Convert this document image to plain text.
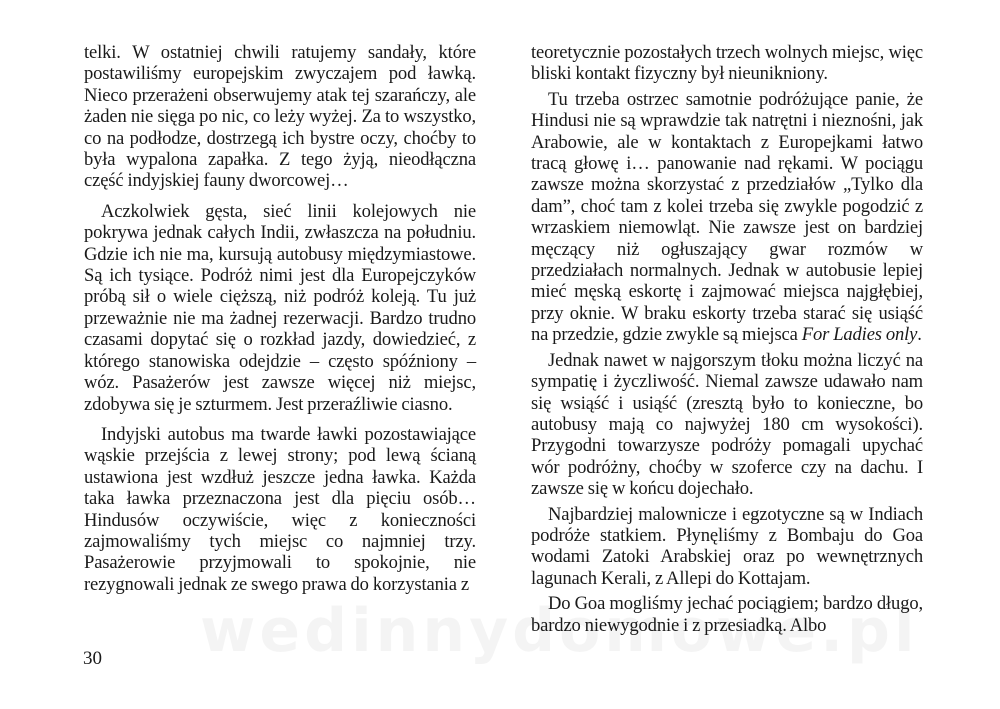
telki. W ostatniej chwili ratujemy sandały, które postawiliśmy europejskim zwyczajem pod ławką. Nieco przerażeni obserwujemy atak tej szarańczy, ale żaden nie sięga po nic, co leży wyżej. Za to wszystko, co na podłodze, dostrzegą ich bystre oczy, choćby to była wypalona zapałka. Z tego żyją, nieodłączna część indyjskiej fauny dworcowej…

Aczkolwiek gęsta, sieć linii kolejowych nie pokrywa jednak całych Indii, zwłaszcza na południu. Gdzie ich nie ma, kursują autobusy międzymiastowe. Są ich tysiące. Podróż nimi jest dla Europejczyków próbą sił o wiele cięższą, niż podróż koleją. Tu już przeważnie nie ma żadnej rezerwacji. Bardzo trudno czasami dopytać się o rozkład jazdy, dowiedzieć, z którego stanowiska odejdzie – często spóźniony – wóz. Pasażerów jest zawsze więcej niż miejsc, zdobywa się je szturmem. Jest przeraźliwie ciasno.

Indyjski autobus ma twarde ławki pozostawiające wąskie przejścia z lewej strony; pod lewą ścianą ustawiona jest wzdłuż jeszcze jedna ławka. Każda taka ławka przeznaczona jest dla pięciu osób… Hindusów oczywiście, więc z konieczności zajmowaliśmy tych miejsc co najmniej trzy. Pasażerowie przyjmowali to spokojnie, nie rezygnowali jednak ze swego prawa do korzystania z

teoretycznie pozostałych trzech wolnych miejsc, więc bliski kontakt fizyczny był nieunikniony.

Tu trzeba ostrzec samotnie podróżujące panie, że Hindusi nie są wprawdzie tak natrętni i nieznośni, jak Arabowie, ale w kontaktach z Europejkami łatwo tracą głowę i… panowanie nad rękami. W pociągu zawsze można skorzystać z przedziałów „Tylko dla dam”, choć tam z kolei trzeba się zwykle pogodzić z wrzaskiem niemowląt. Nie zawsze jest on bardziej męczący niż ogłuszający gwar rozmów w przedziałach normalnych. Jednak w autobusie lepiej mieć męską eskortę i zajmować miejsca najgłębiej, przy oknie. W braku eskorty trzeba starać się usiąść na przedzie, gdzie zwykle są miejsca For Ladies only.

Jednak nawet w najgorszym tłoku można liczyć na sympatię i życzliwość. Niemal zawsze udawało nam się wsiąść i usiąść (zresztą było to konieczne, bo autobusy mają co najwyżej 180 cm wysokości). Przygodni towarzysze podróży pomagali upychać wór podróżny, choćby w szoferce czy na dachu. I zawsze się w końcu dojechało.

Najbardziej malownicze i egzotyczne są w Indiach podróże statkiem. Płynęliśmy z Bombaju do Goa wodami Zatoki Arabskiej oraz po wewnętrznych lagunach Kerali, z Allepi do Kottajam.

Do Goa mogliśmy jechać pociągiem; bardzo długo, bardzo niewygodnie i z przesiadką. Albo

30
